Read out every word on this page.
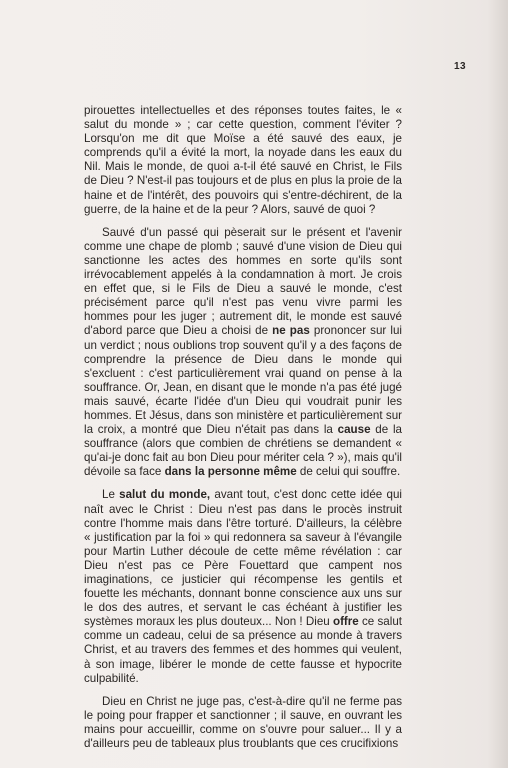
13

pirouettes intellectuelles et des réponses toutes faites, le « salut du monde » ; car cette question, comment l'éviter ? Lorsqu'on me dit que Moïse a été sauvé des eaux, je comprends qu'il a évité la mort, la noyade dans les eaux du Nil. Mais le monde, de quoi a-t-il été sauvé en Christ, le Fils de Dieu ? N'est-il pas toujours et de plus en plus la proie de la haine et de l'intérêt, des pouvoirs qui s'entre-déchirent, de la guerre, de la haine et de la peur ? Alors, sauvé de quoi ?

Sauvé d'un passé qui pèserait sur le présent et l'avenir comme une chape de plomb ; sauvé d'une vision de Dieu qui sanctionne les actes des hommes en sorte qu'ils sont irrévocablement appelés à la condamnation à mort. Je crois en effet que, si le Fils de Dieu a sauvé le monde, c'est précisément parce qu'il n'est pas venu vivre parmi les hommes pour les juger ; autrement dit, le monde est sauvé d'abord parce que Dieu a choisi de ne pas prononcer sur lui un verdict ; nous oublions trop souvent qu'il y a des façons de comprendre la présence de Dieu dans le monde qui s'excluent : c'est particulièrement vrai quand on pense à la souffrance. Or, Jean, en disant que le monde n'a pas été jugé mais sauvé, écarte l'idée d'un Dieu qui voudrait punir les hommes. Et Jésus, dans son ministère et particulièrement sur la croix, a montré que Dieu n'était pas dans la cause de la souffrance (alors que combien de chrétiens se demandent « qu'ai-je donc fait au bon Dieu pour mériter cela ? »), mais qu'il dévoile sa face dans la personne même de celui qui souffre.

Le salut du monde, avant tout, c'est donc cette idée qui naît avec le Christ : Dieu n'est pas dans le procès instruit contre l'homme mais dans l'être torturé. D'ailleurs, la célèbre « justification par la foi » qui redonnera sa saveur à l'évangile pour Martin Luther découle de cette même révélation : car Dieu n'est pas ce Père Fouettard que campent nos imaginations, ce justicier qui récompense les gentils et fouette les méchants, donnant bonne conscience aux uns sur le dos des autres, et servant le cas échéant à justifier les systèmes moraux les plus douteux... Non ! Dieu offre ce salut comme un cadeau, celui de sa présence au monde à travers Christ, et au travers des femmes et des hommes qui veulent, à son image, libérer le monde de cette fausse et hypocrite culpabilité.

Dieu en Christ ne juge pas, c'est-à-dire qu'il ne ferme pas le poing pour frapper et sanctionner ; il sauve, en ouvrant les mains pour accueillir, comme on s'ouvre pour saluer... Il y a d'ailleurs peu de tableaux plus troublants que ces crucifixions
